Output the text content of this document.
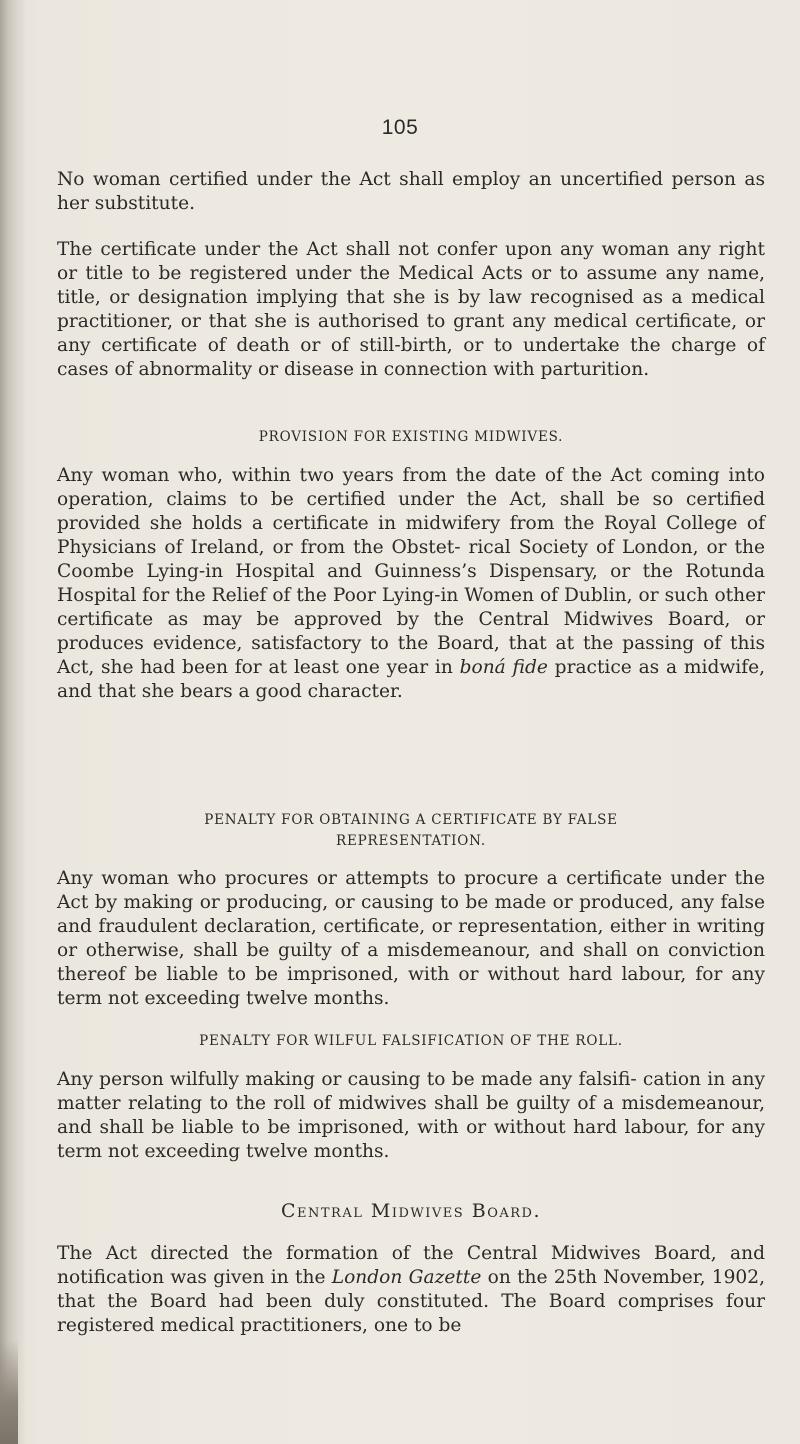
105

No woman certified under the Act shall employ an uncertified person as her substitute.

The certificate under the Act shall not confer upon any woman any right or title to be registered under the Medical Acts or to assume any name, title, or designation implying that she is by law recognised as a medical practitioner, or that she is authorised to grant any medical certificate, or any certificate of death or of still-birth, or to undertake the charge of cases of abnormality or disease in connection with parturition.

PROVISION FOR EXISTING MIDWIVES.

Any woman who, within two years from the date of the Act coming into operation, claims to be certified under the Act, shall be so certified provided she holds a certificate in midwifery from the Royal College of Physicians of Ireland, or from the Obstet- rical Society of London, or the Coombe Lying-in Hospital and Guinness’s Dispensary, or the Rotunda Hospital for the Relief of the Poor Lying-in Women of Dublin, or such other certificate as may be approved by the Central Midwives Board, or produces evidence, satisfactory to the Board, that at the passing of this Act, she had been for at least one year in boná fide practice as a midwife, and that she bears a good character.

PENALTY FOR OBTAINING A CERTIFICATE BY FALSE
REPRESENTATION.

Any woman who procures or attempts to procure a certificate under the Act by making or producing, or causing to be made or produced, any false and fraudulent declaration, certificate, or representation, either in writing or otherwise, shall be guilty of a misdemeanour, and shall on conviction thereof be liable to be imprisoned, with or without hard labour, for any term not exceeding twelve months.

PENALTY FOR WILFUL FALSIFICATION OF THE ROLL.

Any person wilfully making or causing to be made any falsifi- cation in any matter relating to the roll of midwives shall be guilty of a misdemeanour, and shall be liable to be imprisoned, with or without hard labour, for any term not exceeding twelve months.

Central Midwives Board.

The Act directed the formation of the Central Midwives Board, and notification was given in the London Gazette on the 25th November, 1902, that the Board had been duly constituted. The Board comprises four registered medical practitioners, one to be
